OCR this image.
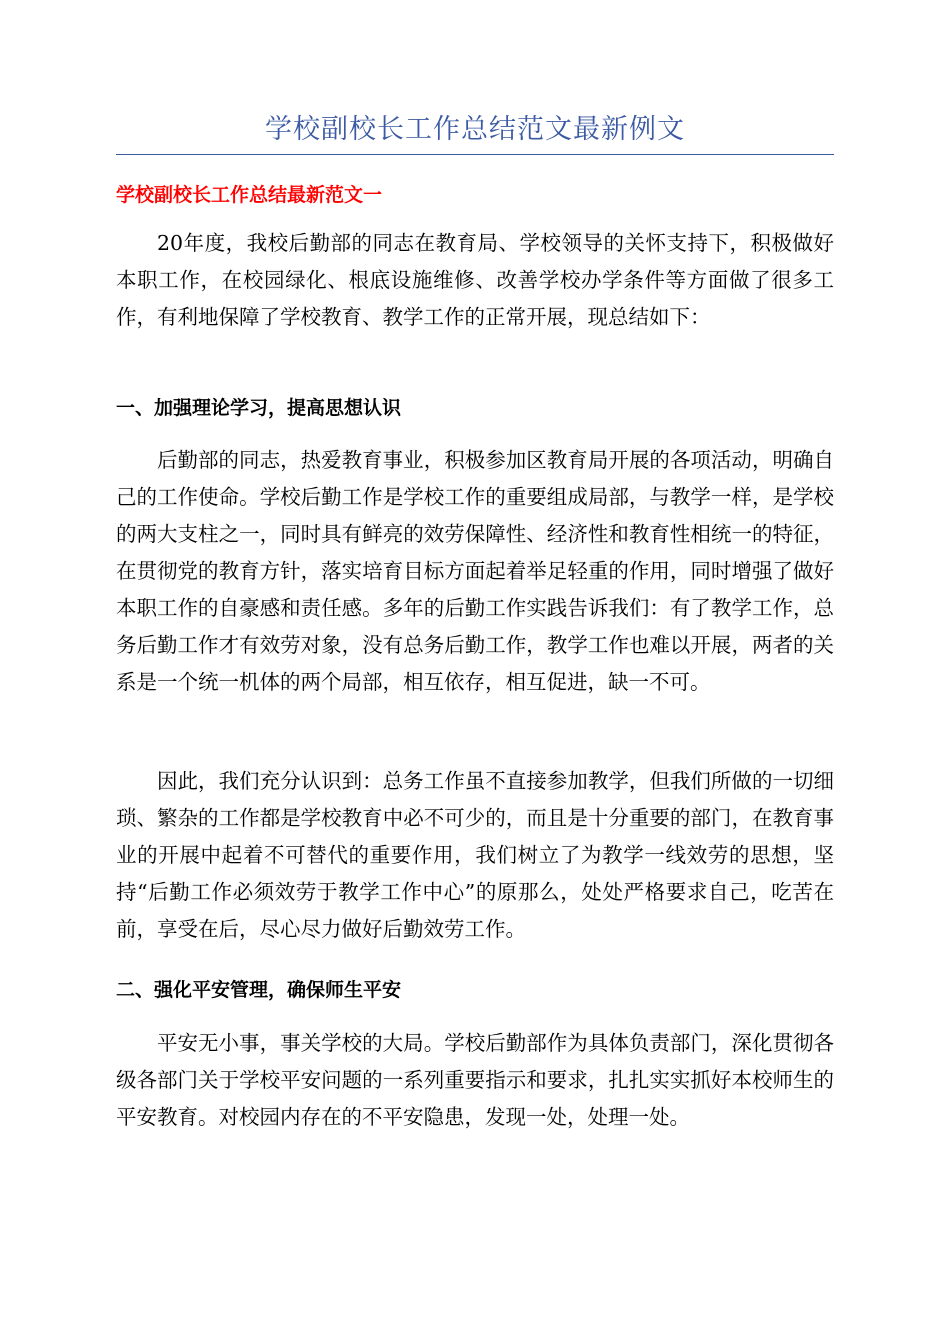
学校副校长工作总结范文最新例文
学校副校长工作总结最新范文一

20年度，我校后勤部的同志在教育局、学校领导的关怀支持下，积极做好本职工作，在校园绿化、根底设施维修、改善学校办学条件等方面做了很多工作，有利地保障了学校教育、教学工作的正常开展，现总结如下：

一、加强理论学习，提高思想认识

后勤部的同志，热爱教育事业，积极参加区教育局开展的各项活动，明确自己的工作使命。学校后勤工作是学校工作的重要组成局部，与教学一样，是学校的两大支柱之一，同时具有鲜亮的效劳保障性、经济性和教育性相统一的特征，在贯彻党的教育方针，落实培育目标方面起着举足轻重的作用，同时增强了做好本职工作的自豪感和责任感。多年的后勤工作实践告诉我们：有了教学工作，总务后勤工作才有效劳对象，没有总务后勤工作，教学工作也难以开展，两者的关系是一个统一机体的两个局部，相互依存，相互促进，缺一不可。

因此，我们充分认识到：总务工作虽不直接参加教学，但我们所做的一切细琐、繁杂的工作都是学校教育中必不可少的，而且是十分重要的部门，在教育事业的开展中起着不可替代的重要作用，我们树立了为教学一线效劳的思想，坚持“后勤工作必须效劳于教学工作中心”的原那么，处处严格要求自己，吃苦在前，享受在后，尽心尽力做好后勤效劳工作。

二、强化平安管理，确保师生平安

平安无小事，事关学校的大局。学校后勤部作为具体负责部门，深化贯彻各级各部门关于学校平安问题的一系列重要指示和要求，扎扎实实抓好本校师生的平安教育。对校园内存在的不平安隐患，发现一处，处理一处。
